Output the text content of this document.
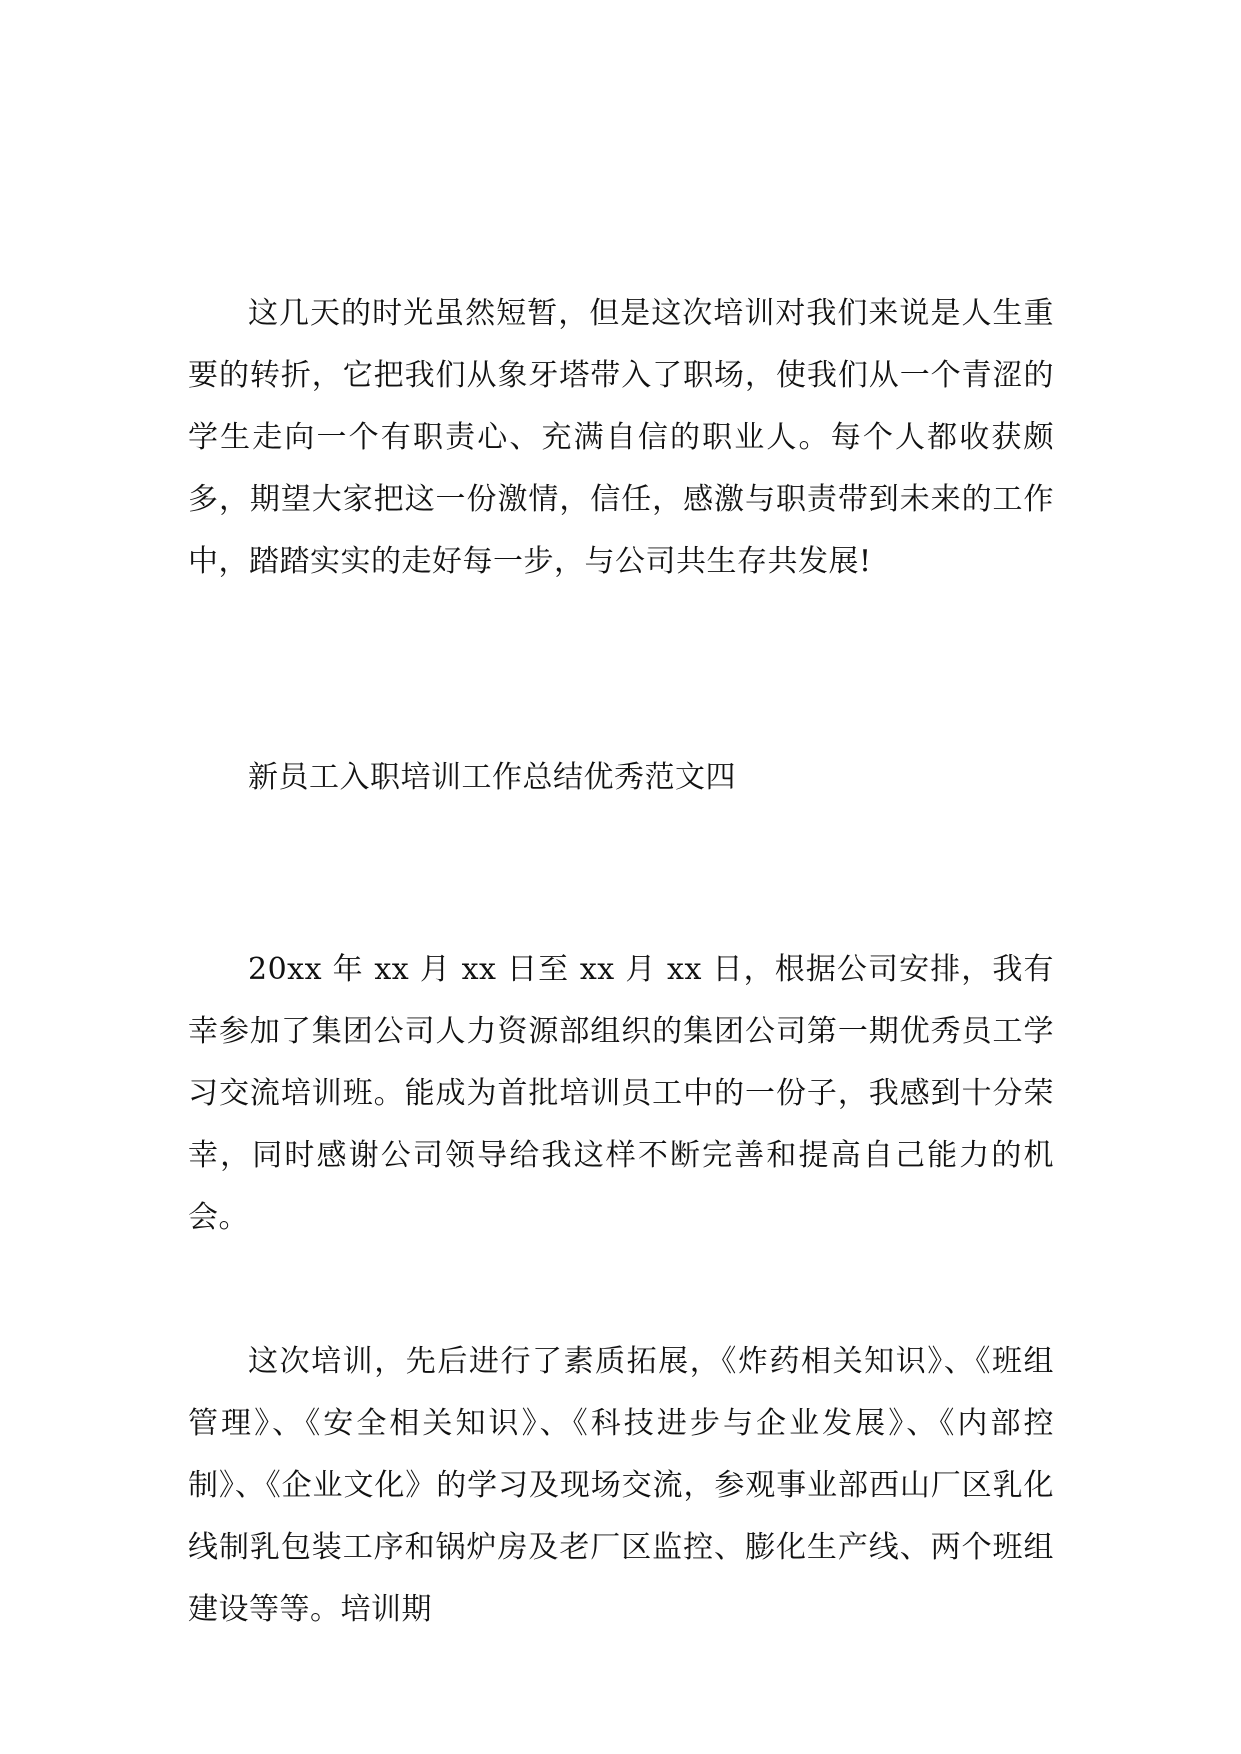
这几天的时光虽然短暂，但是这次培训对我们来说是人生重要的转折，它把我们从象牙塔带入了职场，使我们从一个青涩的学生走向一个有职责心、充满自信的职业人。每个人都收获颇多，期望大家把这一份激情，信任，感激与职责带到未来的工作中，踏踏实实的走好每一步，与公司共生存共发展!

新员工入职培训工作总结优秀范文四

20xx 年 xx 月 xx 日至 xx 月 xx 日，根据公司安排，我有幸参加了集团公司人力资源部组织的集团公司第一期优秀员工学习交流培训班。能成为首批培训员工中的一份子，我感到十分荣幸，同时感谢公司领导给我这样不断完善和提高自己能力的机会。

这次培训，先后进行了素质拓展，《炸药相关知识》、《班组管理》、《安全相关知识》、《科技进步与企业发展》、《内部控制》、《企业文化》的学习及现场交流，参观事业部西山厂区乳化线制乳包装工序和锅炉房及老厂区监控、膨化生产线、两个班组建设等等。培训期
